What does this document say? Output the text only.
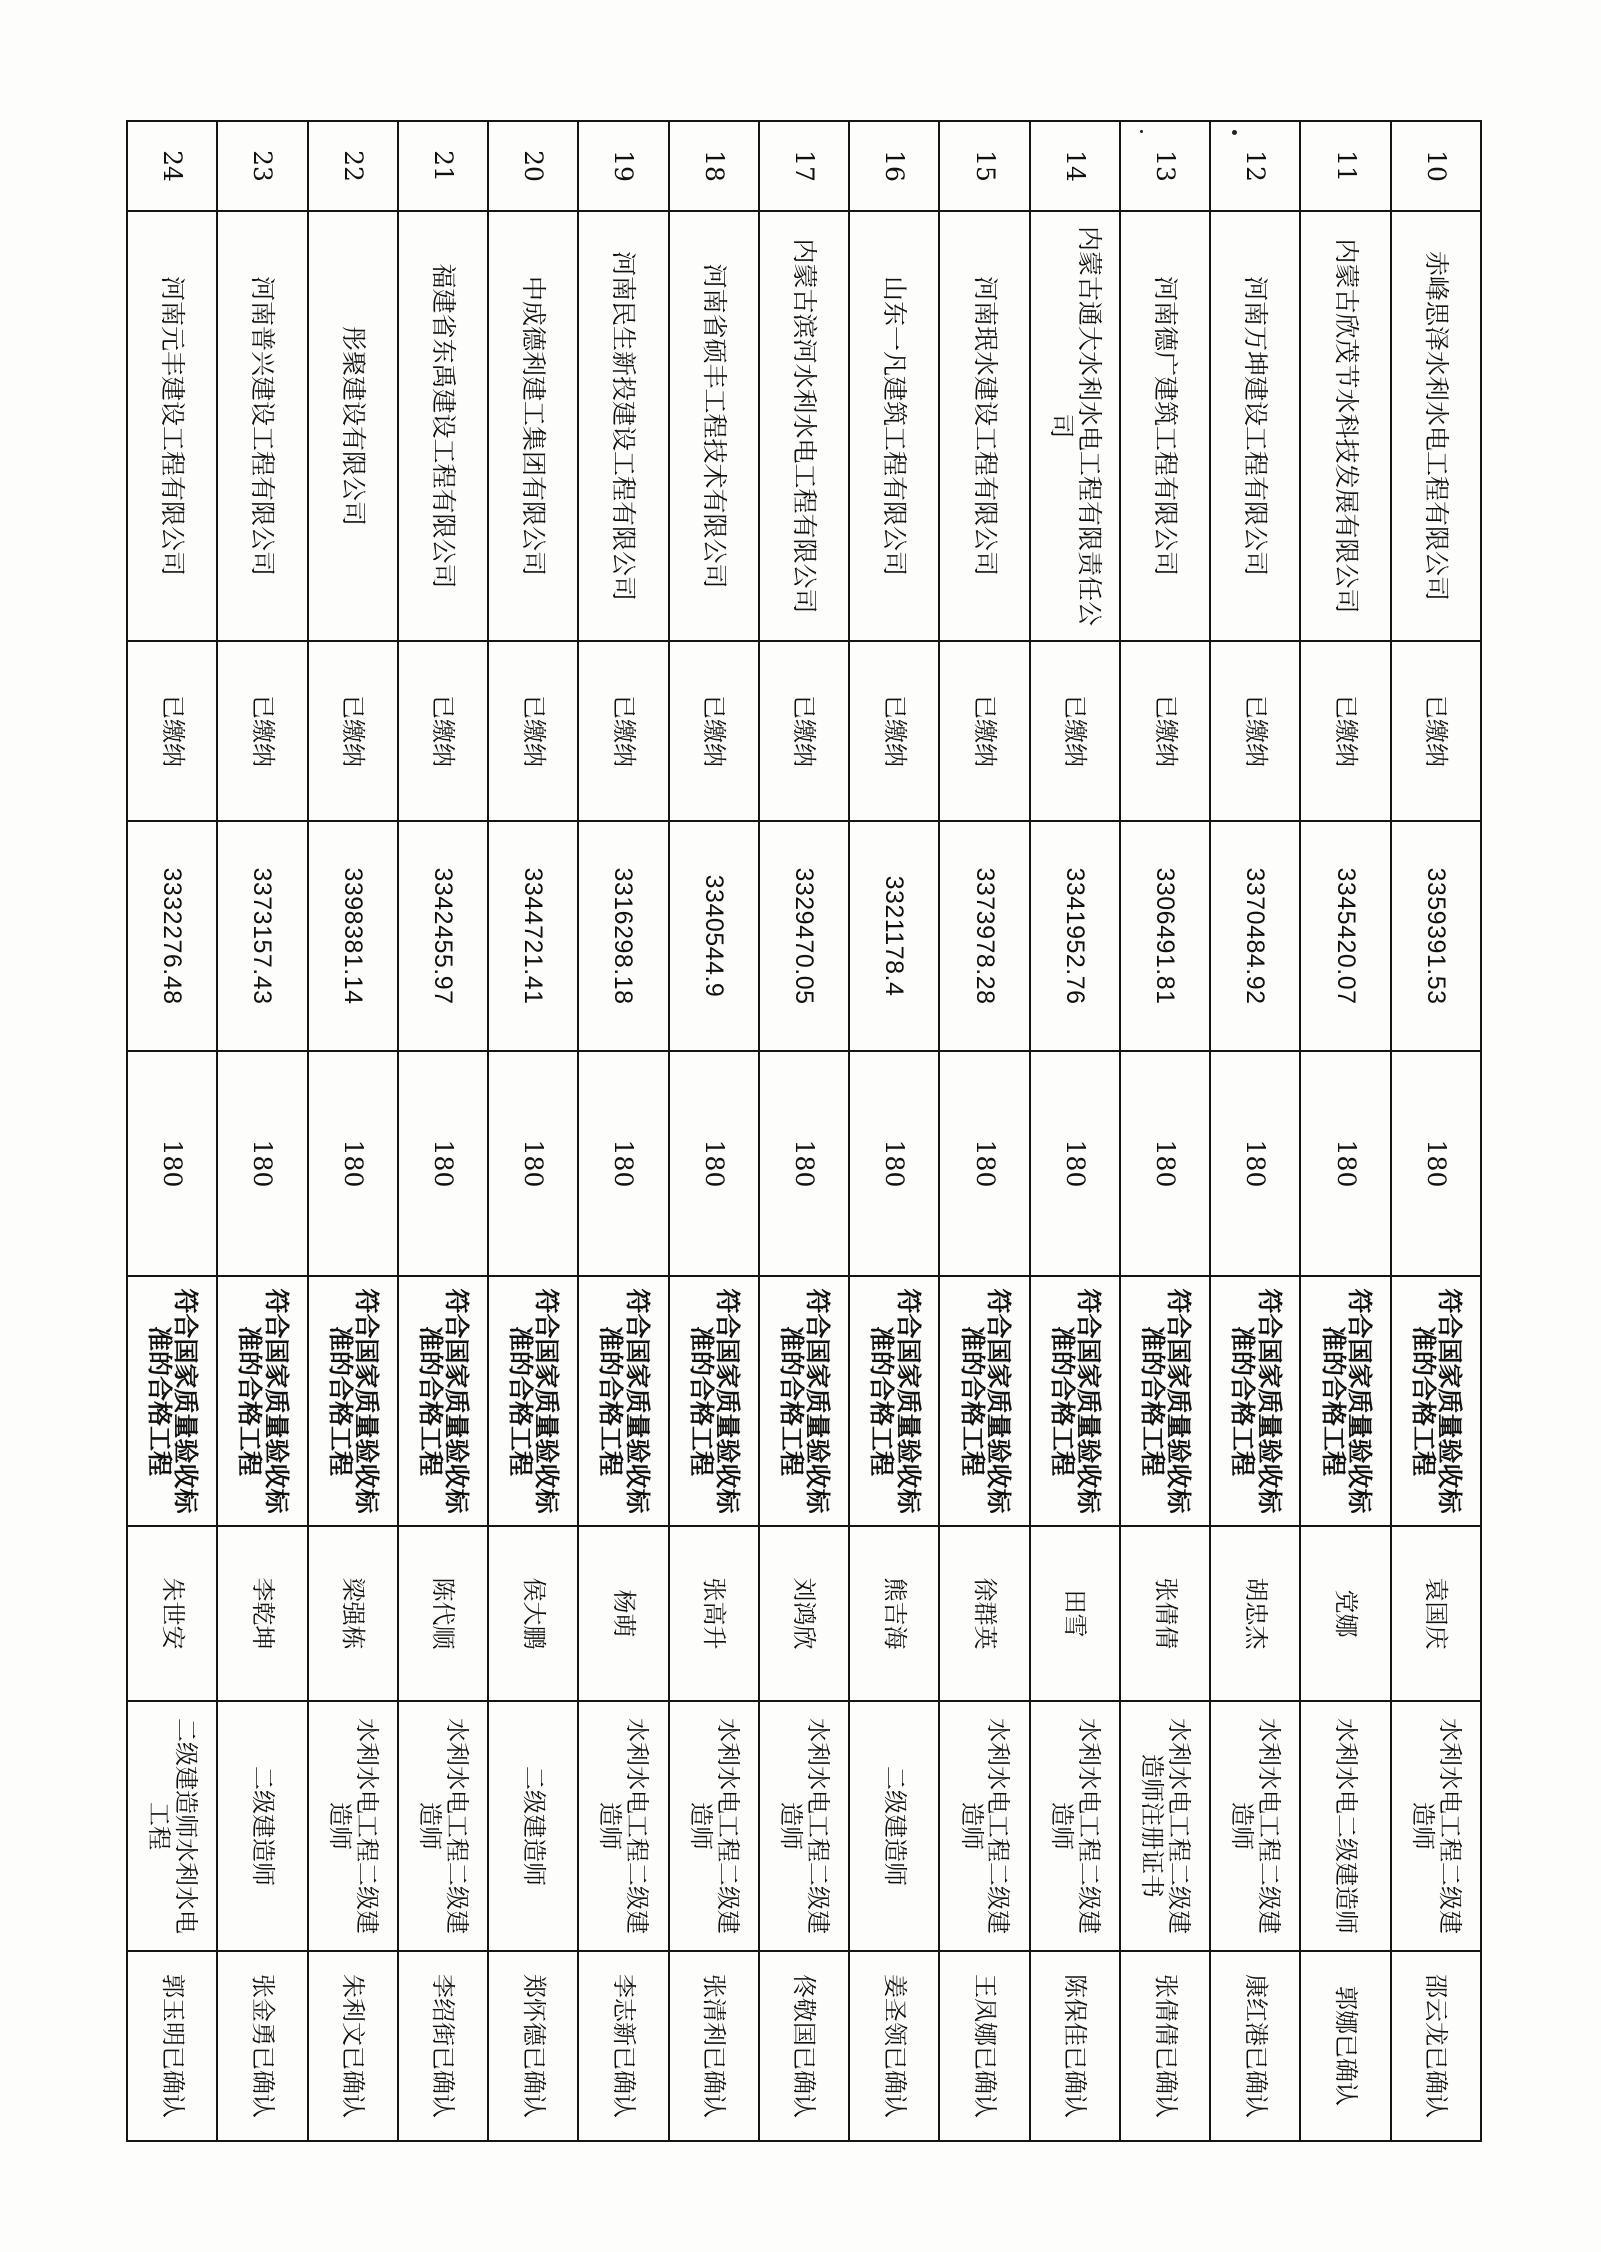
10	赤峰思泽水利水电工程有限公司	已缴纳	3359391.53	180	符合国家质量验收标准的合格工程	袁国庆	水利水电工程二级建造师	邵云龙已确认
11	内蒙古欣茂节水科技发展有限公司	已缴纳	3345420.07	180	符合国家质量验收标准的合格工程	党娜	水利水电二级建造师	郭娜已确认
12	河南万坤建设工程有限公司	已缴纳	3370484.92	180	符合国家质量验收标准的合格工程	胡忠杰	水利水电工程二级建造师	康红港已确认
13	河南德广建筑工程有限公司	已缴纳	3306491.81	180	符合国家质量验收标准的合格工程	张倩倩	水利水电工程二级建造师注册证书	张倩倩已确认
14	内蒙古通大水利水电工程有限责任公司	已缴纳	3341952.76	180	符合国家质量验收标准的合格工程	田雪	水利水电工程二级建造师	陈保佳已确认
15	河南珉水建设工程有限公司	已缴纳	3373978.28	180	符合国家质量验收标准的合格工程	徐群英	水利水电工程二级建造师	王凤娜已确认
16	山东一凡建筑工程有限公司	已缴纳	3321178.4	180	符合国家质量验收标准的合格工程	熊吉海	二级建造师	姜圣领已确认
17	内蒙古滨河水利水电工程有限公司	已缴纳	3329470.05	180	符合国家质量验收标准的合格工程	刘鸿欣	水利水电工程二级建造师	佟敬国已确认
18	河南省硕丰工程技术有限公司	已缴纳	3340544.9	180	符合国家质量验收标准的合格工程	张高升	水利水电工程二级建造师	张清利已确认
19	河南民生新投建设工程有限公司	已缴纳	3316298.18	180	符合国家质量验收标准的合格工程	杨萌	水利水电工程二级建造师	李志新已确认
20	中成德利建工集团有限公司	已缴纳	3344721.41	180	符合国家质量验收标准的合格工程	侯大鹏	二级建造师	郑怀德已确认
21	福建省东禹建设工程有限公司	已缴纳	3342455.97	180	符合国家质量验收标准的合格工程	陈代顺	水利水电工程二级建造师	李绍街已确认
22	彤聚建设有限公司	已缴纳	3398381.14	180	符合国家质量验收标准的合格工程	梁强栋	水利水电工程二级建造师	朱利文已确认
23	河南普兴建设工程有限公司	已缴纳	3373157.43	180	符合国家质量验收标准的合格工程	李乾坤	二级建造师	张金勇已确认
24	河南元丰建设工程有限公司	已缴纳	3332276.48	180	符合国家质量验收标准的合格工程	朱世安	二级建造师水利水电工程	郭玉明已确认
